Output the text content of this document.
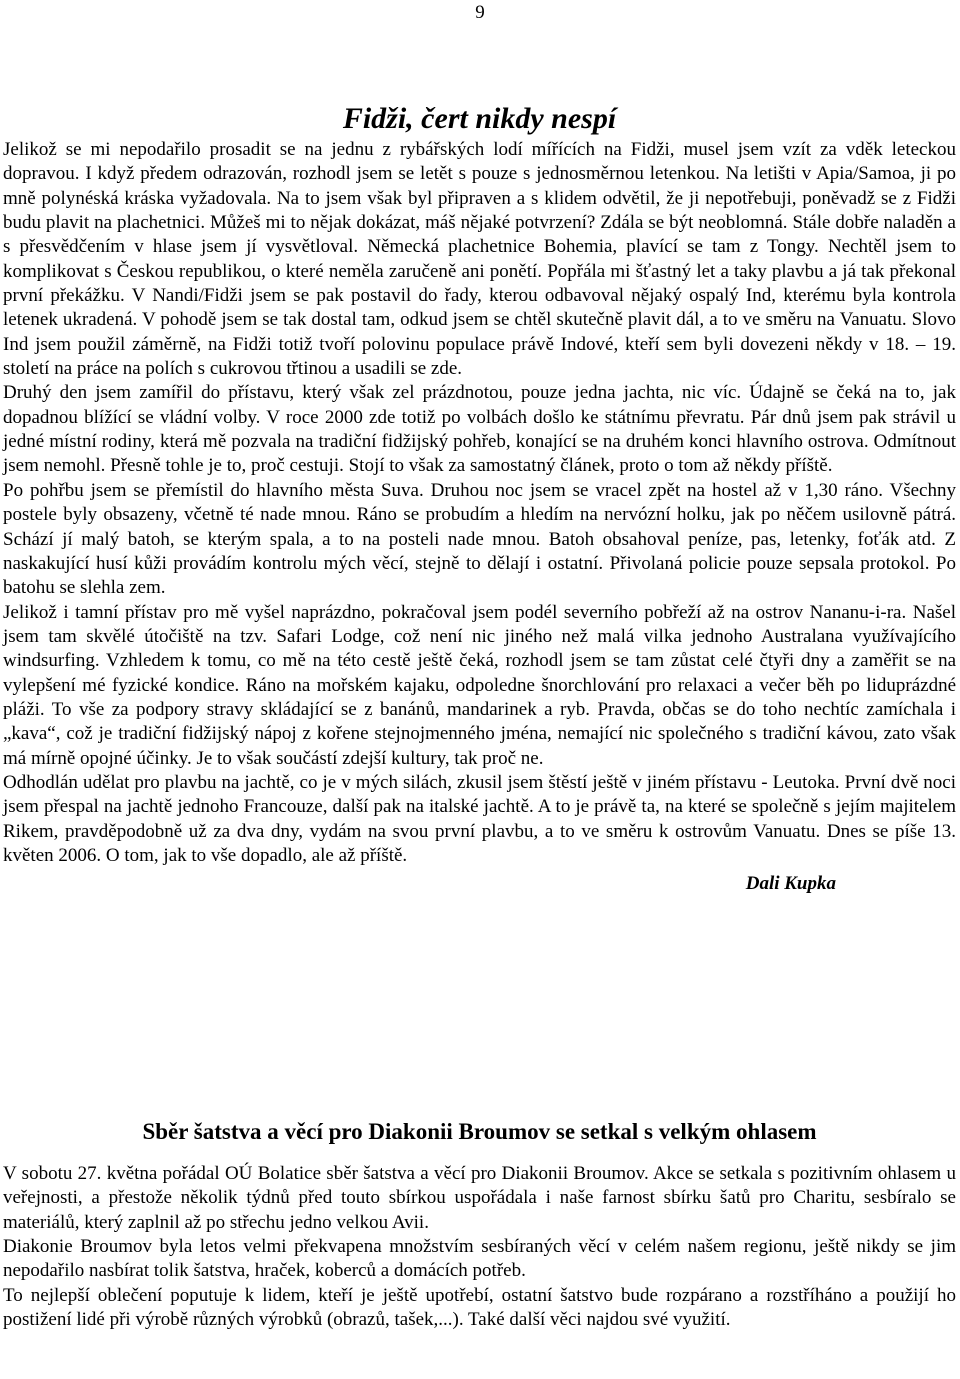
9
Fidži, čert nikdy nespí

Jelikož se mi nepodařilo prosadit se na jednu z rybářských lodí mířících na Fidži, musel jsem vzít za vděk leteckou dopravou. I když předem odrazován, rozhodl jsem se letět s pouze s jednosměrnou letenkou. Na letišti v Apia/Samoa, ji po mně polynéská kráska vyžadovala. Na to jsem však byl připraven a s klidem odvětil, že ji nepotřebuji, poněvadž se z Fidži budu plavit na plachetnici. Můžeš mi to nějak dokázat, máš nějaké potvrzení? Zdála se být neoblomná. Stále dobře naladěn a s přesvědčením v hlase jsem jí vysvětloval. Německá plachetnice Bohemia, plavící se tam z Tongy. Nechtěl jsem to komplikovat s Českou republikou, o které neměla zaručeně ani ponětí. Popřála mi šťastný let a taky plavbu a já tak překonal první překážku. V Nandi/Fidži jsem se pak postavil do řady, kterou odbavoval nějaký ospalý Ind, kterému byla kontrola letenek ukradená. V pohodě jsem se tak dostal tam, odkud jsem se chtěl skutečně plavit dál, a to ve směru na Vanuatu. Slovo Ind jsem použil záměrně, na Fidži totiž tvoří polovinu populace právě Indové, kteří sem byli dovezeni někdy v 18. – 19. století na práce na polích s cukrovou třtinou a usadili se zde.

Druhý den jsem zamířil do přístavu, který však zel prázdnotou, pouze jedna jachta, nic víc. Údajně se čeká na to, jak dopadnou blížící se vládní volby. V roce 2000 zde totiž po volbách došlo ke státnímu převratu. Pár dnů jsem pak strávil u jedné místní rodiny, která mě pozvala na tradiční fidžijský pohřeb, konající se na druhém konci hlavního ostrova. Odmítnout jsem nemohl. Přesně tohle je to, proč cestuji. Stojí to však za samostatný článek, proto o tom až někdy příště.

Po pohřbu jsem se přemístil do hlavního města Suva. Druhou noc jsem se vracel zpět na hostel až v 1,30 ráno. Všechny postele byly obsazeny, včetně té nade mnou. Ráno se probudím a hledím na nervózní holku, jak po něčem usilovně pátrá. Schází jí malý batoh, se kterým spala, a to na posteli nade mnou. Batoh obsahoval peníze, pas, letenky, foťák atd. Z naskakující husí kůži provádím kontrolu mých věcí, stejně to dělají i ostatní. Přivolaná policie pouze sepsala protokol. Po batohu se slehla zem.

Jelikož i tamní přístav pro mě vyšel naprázdno, pokračoval jsem podél severního pobřeží až na ostrov Nananu-i-ra. Našel jsem tam skvělé útočiště na tzv. Safari Lodge, což není nic jiného než malá vilka jednoho Australana využívajícího windsurfing. Vzhledem k tomu, co mě na této cestě ještě čeká, rozhodl jsem se tam zůstat celé čtyři dny a zaměřit se na vylepšení mé fyzické kondice. Ráno na mořském kajaku, odpoledne šnorchlování pro relaxaci a večer běh po liduprázdné pláži. To vše za podpory stravy skládající se z banánů, mandarinek a ryb. Pravda, občas se do toho nechtíc zamíchala i „kava“, což je tradiční fidžijský nápoj z kořene stejnojmenného jména, nemající nic společného s tradiční kávou, zato však má mírně opojné účinky. Je to však součástí zdejší kultury, tak proč ne.

Odhodlán udělat pro plavbu na jachtě, co je v mých silách, zkusil jsem štěstí ještě v jiném přístavu - Leutoka. První dvě noci jsem přespal na jachtě jednoho Francouze, další pak na italské jachtě. A to je právě ta, na které se společně s jejím majitelem Rikem, pravděpodobně už za dva dny, vydám na svou první plavbu, a to ve směru k ostrovům Vanuatu. Dnes se píše 13. květen 2006. O tom, jak to vše dopadlo, ale až příště.

Dali Kupka

Sběr šatstva a věcí pro Diakonii Broumov se setkal s velkým ohlasem

V sobotu 27. května pořádal OÚ Bolatice sběr šatstva a věcí pro Diakonii Broumov. Akce se setkala s pozitivním ohlasem u veřejnosti, a přestože několik týdnů před touto sbírkou uspořádala i naše farnost sbírku šatů pro Charitu, sesbíralo se materiálů, který zaplnil až po střechu jedno velkou Avii.

Diakonie Broumov byla letos velmi překvapena množstvím sesbíraných věcí v celém našem regionu, ještě nikdy se jim nepodařilo nasbírat tolik šatstva, hraček, koberců a domácích potřeb.

To nejlepší oblečení poputuje k lidem, kteří je ještě upotřebí, ostatní šatstvo bude rozpárano a rozstříháno a použijí ho postižení lidé při výrobě různých výrobků (obrazů, tašek,...). Také další věci najdou své využití.
